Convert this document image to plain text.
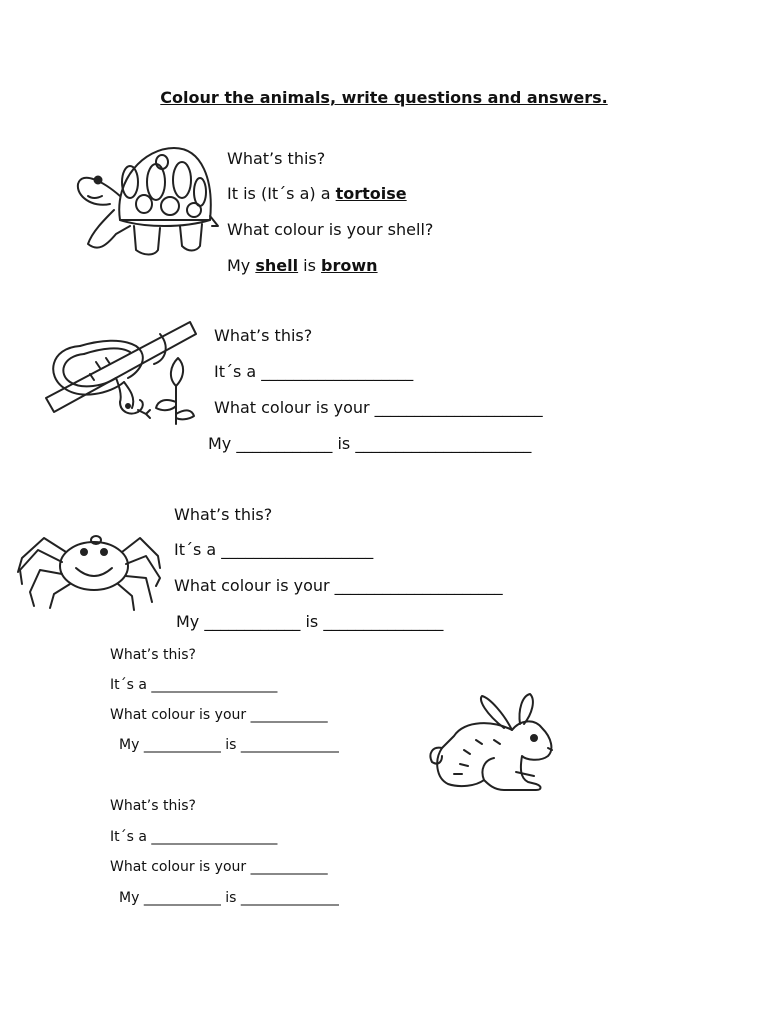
Colour the animals, write questions and answers.
What’s this?
It is (It´s a) a tortoise
What colour is your shell?
My shell is brown
What’s this?
It´s a ___________________
What colour is your _____________________
My ____________ is ______________________
What’s this?
It´s a ___________________
What colour is your _____________________
My ____________ is _______________
What’s this?
It´s a __________________
What colour is your ___________
My ___________ is ______________
What’s this?
It´s a __________________
What colour is your ___________
My ___________ is ______________
